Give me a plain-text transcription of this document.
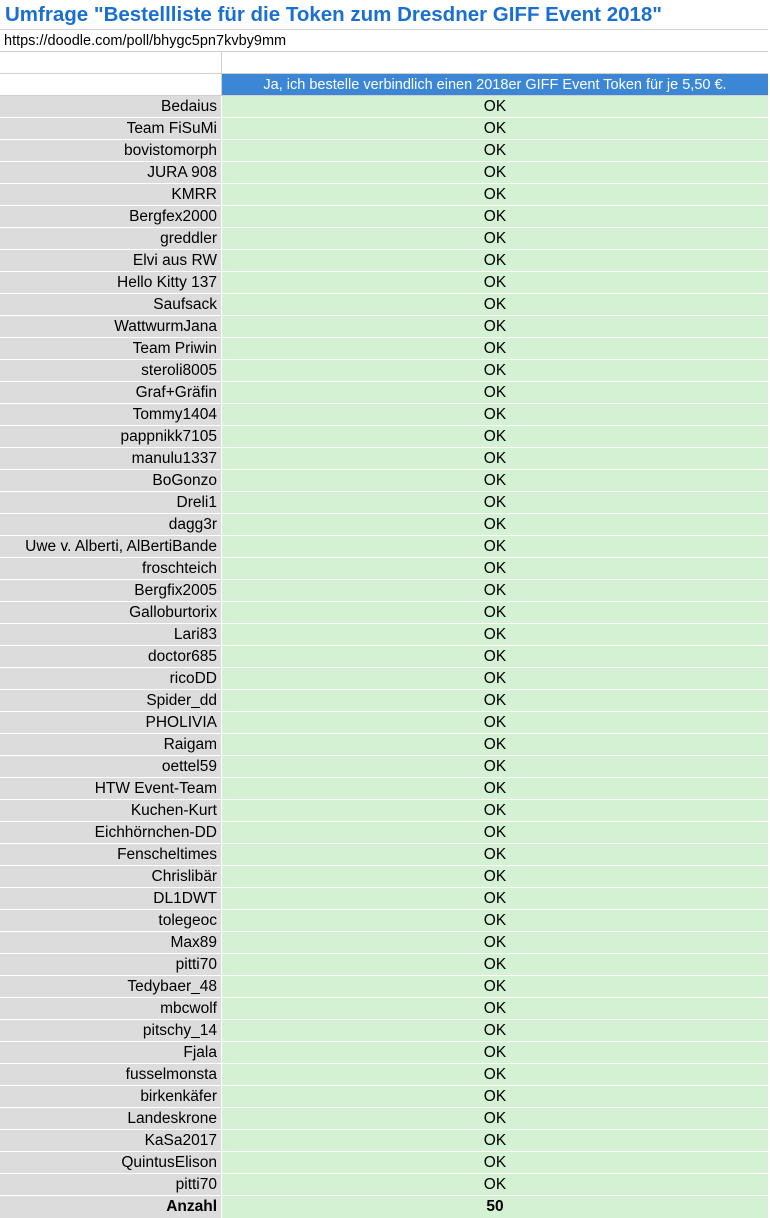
Umfrage "Bestellliste für die Token zum Dresdner GIFF Event 2018"
https://doodle.com/poll/bhygc5pn7kvby9mm
Ja, ich bestelle verbindlich einen 2018er GIFF Event Token für je 5,50 €.
Bedaius	OK
Team FiSuMi	OK
bovistomorph	OK
JURA 908	OK
KMRR	OK
Bergfex2000	OK
greddler	OK
Elvi aus RW	OK
Hello Kitty 137	OK
Saufsack	OK
WattwurmJana	OK
Team Priwin	OK
steroli8005	OK
Graf+Gräfin	OK
Tommy1404	OK
pappnikk7105	OK
manulu1337	OK
BoGonzo	OK
Dreli1	OK
dagg3r	OK
Uwe v. Alberti, AlBertiBande	OK
froschteich	OK
Bergfix2005	OK
Galloburtorix	OK
Lari83	OK
doctor685	OK
ricoDD	OK
Spider_dd	OK
PHOLIVIA	OK
Raigam	OK
oettel59	OK
HTW Event-Team	OK
Kuchen-Kurt	OK
Eichhörnchen-DD	OK
Fenscheltimes	OK
Chrislibär	OK
DL1DWT	OK
tolegeoc	OK
Max89	OK
pitti70	OK
Tedybaer_48	OK
mbcwolf	OK
pitschy_14	OK
Fjala	OK
fusselmonsta	OK
birkenkäfer	OK
Landeskrone	OK
KaSa2017	OK
QuintusElison	OK
pitti70	OK
Anzahl	50
